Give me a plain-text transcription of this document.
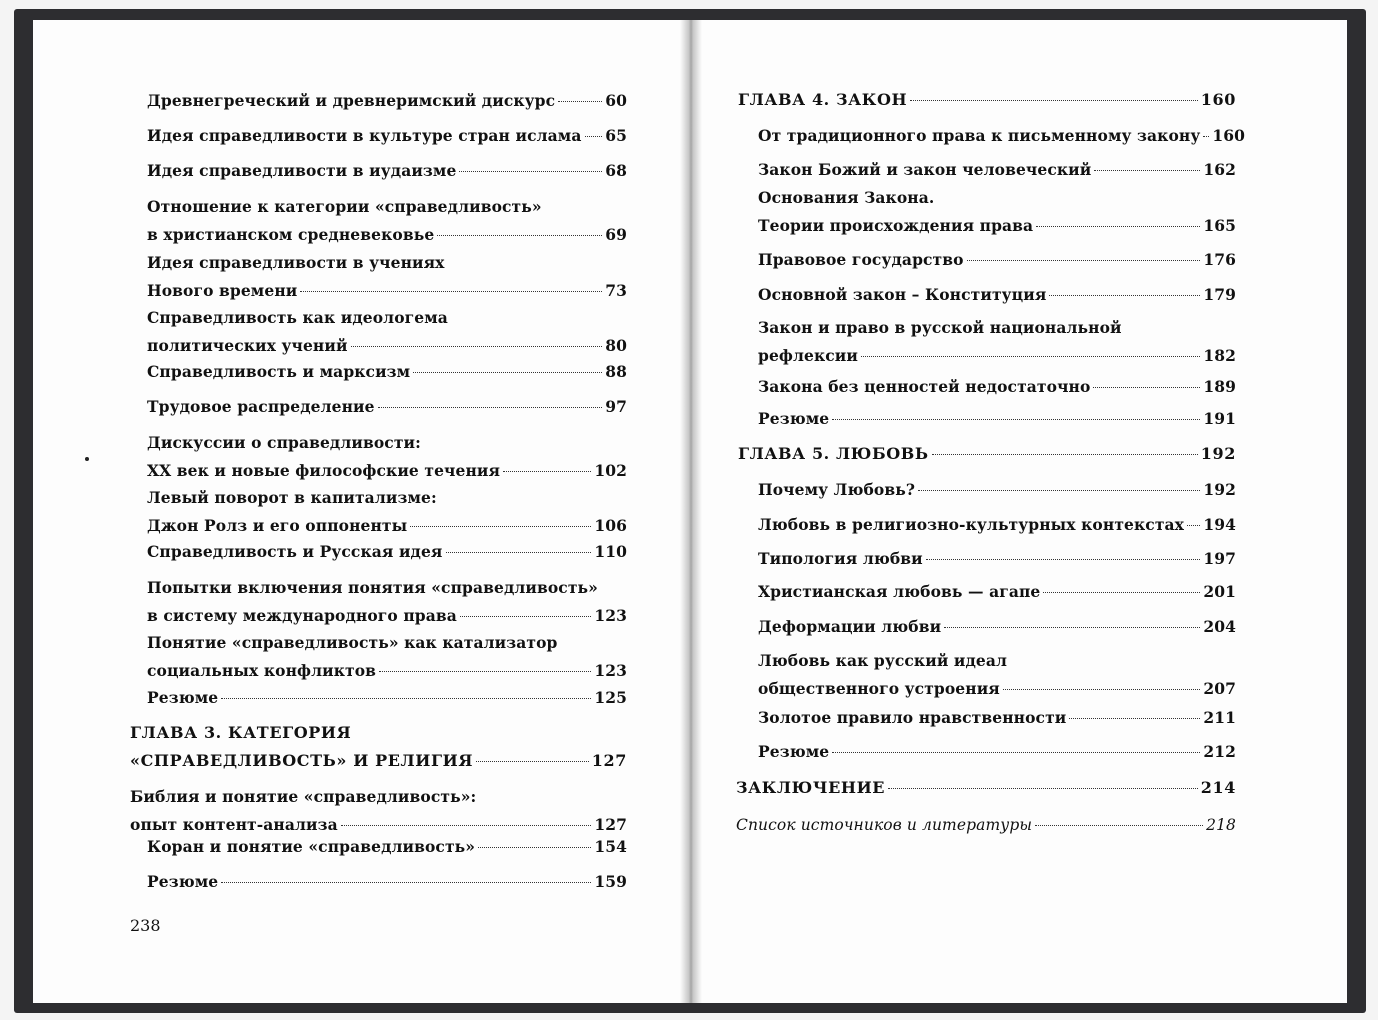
Древнегреческий и древнеримский дискурс	60
Идея справедливости в культуре стран ислама 65
Идея справедливости в иудаизме	68
Отношение к категории «справедливость»
в христианском средневековье	69
Идея справедливости в учениях
Нового времени	73
Справедливость как идеологема
политических учений	80
Справедливость и марксизм	88
Трудовое распределение	97
Дискуссии о справедливости:
XX век и новые философские течения	102
Левый поворот в капитализме:
Джон Ролз и его оппоненты	106
Справедливость и Русская идея	110
Попытки включения понятия «справедливость»
в систему международного права	123
Понятие «справедливость» как катализатор
социальных конфликтов	123
Резюме	125
ГЛАВА 3. КАТЕГОРИЯ
«СПРАВЕДЛИВОСТЬ» И РЕЛИГИЯ	127
Библия и понятие «справедливость»:
опыт контент-анализа	127
Коран и понятие «справедливость»	154
Резюме	159
238
ГЛАВА 4. ЗАКОН	160
От традиционного права к письменному закону 160
Закон Божий и закон человеческий	162
Основания Закона.
Теории происхождения права	165
Правовое государство	176
Основной закон – Конституция	179
Закон и право в русской национальной
рефлексии	182
Закона без ценностей недостаточно	189
Резюме	191
ГЛАВА 5. ЛЮБОВЬ	192
Почему Любовь?	192
Любовь в религиозно-культурных контекстах 194
Типология любви	197
Христианская любовь — агапе	201
Деформации любви	204
Любовь как русский идеал
общественного устроения	207
Золотое правило нравственности	211
Резюме	212
ЗАКЛЮЧЕНИЕ	214
Список источников и литературы	218
